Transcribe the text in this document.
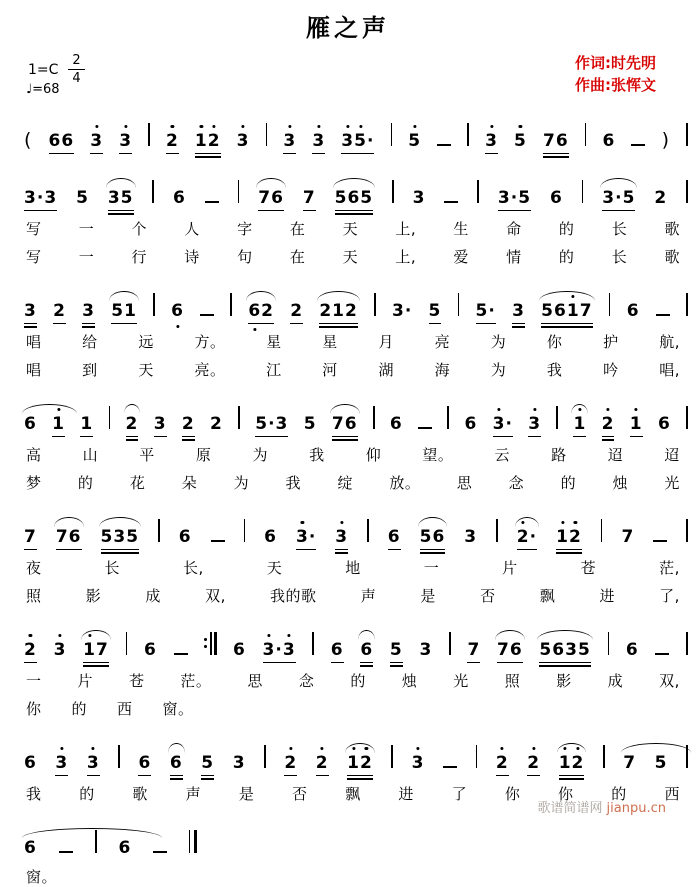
雁之声
$1=C \frac{2}{4}$
♩=68
作词:时先明
作曲:张恽文
( 66 3 3 2 12 3 3 3 35· 5	3 5 76 6 )
3·3 5 35 6	76 7 565 3	3·5 6 3·5 2
写 一 个 人 字 在 天 上, 生 命 的 长 歌
写 一 行 诗 句 在 天 上, 爱 情 的 长 歌
3 2 3 51 6	62 2 212 3· 5 5· 3 5617 6
唱	给	远	方。	星	星	月	亮	为	你	护	航,
唱	到	天	亮。	江	河	湖	海	为	我	吟	唱,
6 1 1 2 3 2 2 5·3 5 76 6	6 3· 3 1 2 1 6
高	山	平	原	为	我	仰	望。	云	路	迢	迢
梦 的 花 朵 为 我 绽 放。 思 念 的 烛 光
7 76 535 6	6 3· 3 6 56 3 2· 12 7
夜	长	长,	天	地	一	片	苍	茫,
照	影	成	双,	我的歌	声	是	否	飘	进	了,
2 3 17 6	6 3·3 6 6 5 3 7 76 5635 6
一 片 苍 茫。 思 念 的 烛 光 照 影 成 双,
你 的 西 窗。
6 3 3 6 6 5 3 2 2 12 3	2 2 12 7 5
我	的	歌	声	是	否	飘	进	了	你	你	的	西
6	6
窗。
歌谱简谱网 jianpu.cn
